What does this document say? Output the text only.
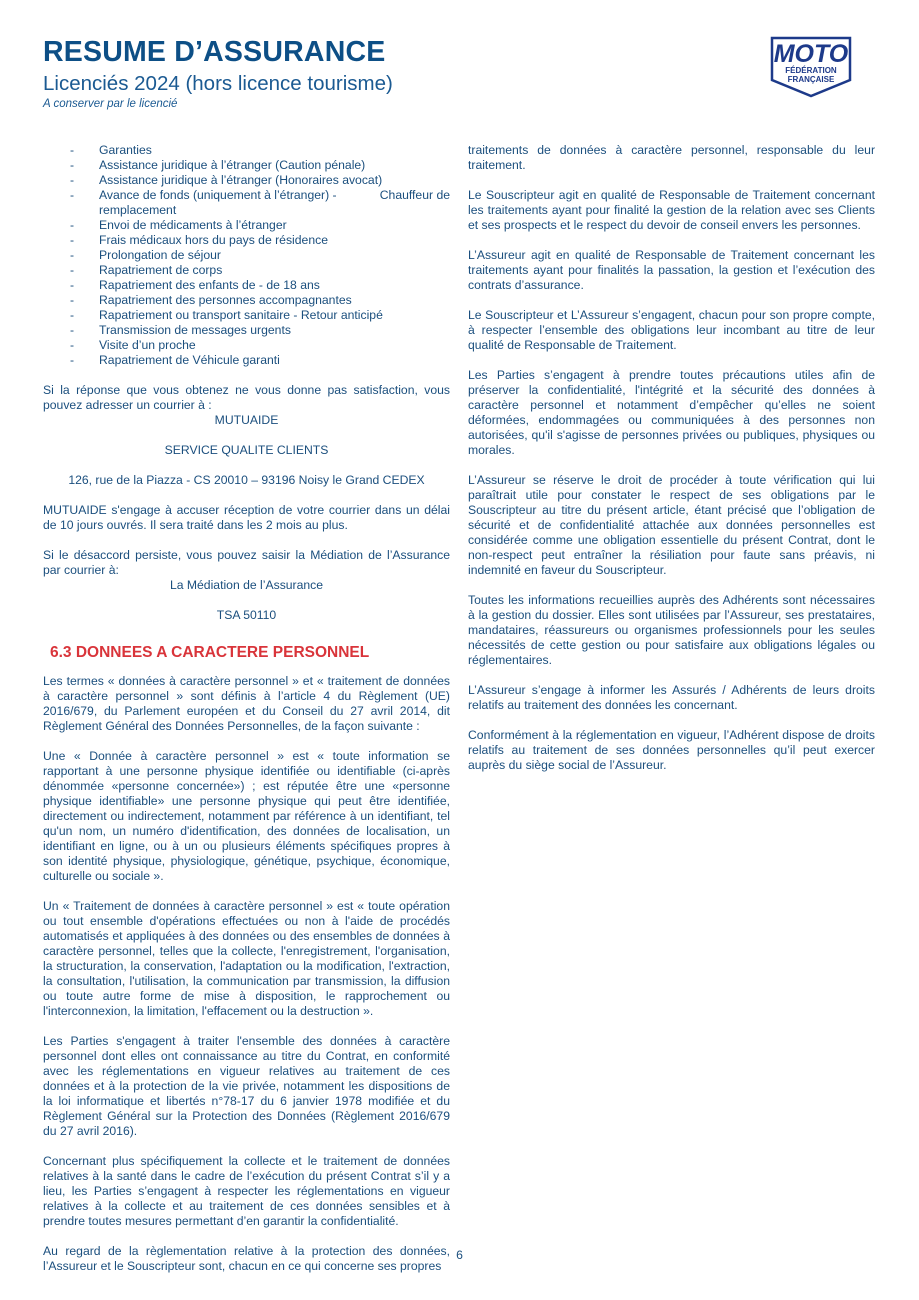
RESUME D’ASSURANCE
Licenciés 2024 (hors licence tourisme)
A conserver par le licencié
MOTO
FÉDÉRATION
FRANÇAISE
- Garanties
- Assistance juridique à l’étranger (Caution pénale)
- Assistance juridique à l’étranger (Honoraires avocat)
- Avance de fonds (uniquement à l’étranger) -	Chauffeur de
remplacement
- Envoi de médicaments à l’étranger
- Frais médicaux hors du pays de résidence
- Prolongation de séjour
- Rapatriement de corps
- Rapatriement des enfants de - de 18 ans
- Rapatriement des personnes accompagnantes
- Rapatriement ou transport sanitaire - Retour anticipé
- Transmission de messages urgents
- Visite d’un proche
- Rapatriement de Véhicule garanti

Si la réponse que vous obtenez ne vous donne pas satisfaction, vous pouvez adresser un courrier à :

MUTUAIDE

SERVICE QUALITE CLIENTS

126, rue de la Piazza - CS 20010 – 93196 Noisy le Grand CEDEX

MUTUAIDE s'engage à accuser réception de votre courrier dans un délai de 10 jours ouvrés. Il sera traité dans les 2 mois au plus.

Si le désaccord persiste, vous pouvez saisir la Médiation de l’Assurance par courrier à:

La Médiation de l’Assurance

TSA 50110

6.3 DONNEES A CARACTERE PERSONNEL

Les termes « données à caractère personnel » et « traitement de données à caractère personnel » sont définis à l’article 4 du Règlement (UE) 2016/679, du Parlement européen et du Conseil du 27 avril 2014, dit Règlement Général des Données Personnelles, de la façon suivante :

Une « Donnée à caractère personnel » est « toute information se rapportant à une personne physique identifiée ou identifiable (ci-après dénommée «personne concernée») ; est réputée être une «personne physique identifiable» une personne physique qui peut être identifiée, directement ou indirectement, notamment par référence à un identifiant, tel qu'un nom, un numéro d'identification, des données de localisation, un identifiant en ligne, ou à un ou plusieurs éléments spécifiques propres à son identité physique, physiologique, génétique, psychique, économique, culturelle ou sociale ».

Un « Traitement de données à caractère personnel » est « toute opération ou tout ensemble d'opérations effectuées ou non à l'aide de procédés automatisés et appliquées à des données ou des ensembles de données à caractère personnel, telles que la collecte, l'enregistrement, l'organisation, la structuration, la conservation, l'adaptation ou la modification, l'extraction, la consultation, l'utilisation, la communication par transmission, la diffusion ou toute autre forme de mise à disposition, le rapprochement ou l'interconnexion, la limitation, l'effacement ou la destruction ».

Les Parties s'engagent à traiter l'ensemble des données à caractère personnel dont elles ont connaissance au titre du Contrat, en conformité avec les réglementations en vigueur relatives au traitement de ces données et à la protection de la vie privée, notamment les dispositions de la loi informatique et libertés n°78-17 du 6 janvier 1978 modifiée et du Règlement Général sur la Protection des Données (Règlement 2016/679 du 27 avril 2016).

Concernant plus spécifiquement la collecte et le traitement de données relatives à la santé dans le cadre de l’exécution du présent Contrat s’il y a lieu, les Parties s’engagent à respecter les réglementations en vigueur relatives à la collecte et au traitement de ces données sensibles et à prendre toutes mesures permettant d’en garantir la confidentialité.

Au regard de la règlementation relative à la protection des données, l’Assureur et le Souscripteur sont, chacun en ce qui concerne ses propres

traitements de données à caractère personnel, responsable du leur traitement.

Le Souscripteur agit en qualité de Responsable de Traitement concernant les traitements ayant pour finalité la gestion de la relation avec ses Clients et ses prospects et le respect du devoir de conseil envers les personnes.

L’Assureur agit en qualité de Responsable de Traitement concernant les traitements ayant pour finalités la passation, la gestion et l’exécution des contrats d’assurance.

Le Souscripteur et L’Assureur s’engagent, chacun pour son propre compte, à respecter l’ensemble des obligations leur incombant au titre de leur qualité de Responsable de Traitement.

Les Parties s’engagent à prendre toutes précautions utiles afin de préserver la confidentialité, l'intégrité et la sécurité des données à caractère personnel et notamment d’empêcher qu’elles ne soient déformées, endommagées ou communiquées à des personnes non autorisées, qu'il s'agisse de personnes privées ou publiques, physiques ou morales.

L’Assureur se réserve le droit de procéder à toute vérification qui lui paraîtrait utile pour constater le respect de ses obligations par le Souscripteur au titre du présent article, étant précisé que l’obligation de sécurité et de confidentialité attachée aux données personnelles est considérée comme une obligation essentielle du présent Contrat, dont le non-respect peut entraîner la résiliation pour faute sans préavis, ni indemnité en faveur du Souscripteur.

Toutes les informations recueillies auprès des Adhérents sont nécessaires à la gestion du dossier. Elles sont utilisées par l’Assureur, ses prestataires, mandataires, réassureurs ou organismes professionnels pour les seules nécessités de cette gestion ou pour satisfaire aux obligations légales ou réglementaires.

L’Assureur s’engage à informer les Assurés / Adhérents de leurs droits relatifs au traitement des données les concernant.

Conformément à la réglementation en vigueur, l’Adhérent dispose de droits relatifs au traitement de ses données personnelles qu’il peut exercer auprès du siège social de l’Assureur.

6
